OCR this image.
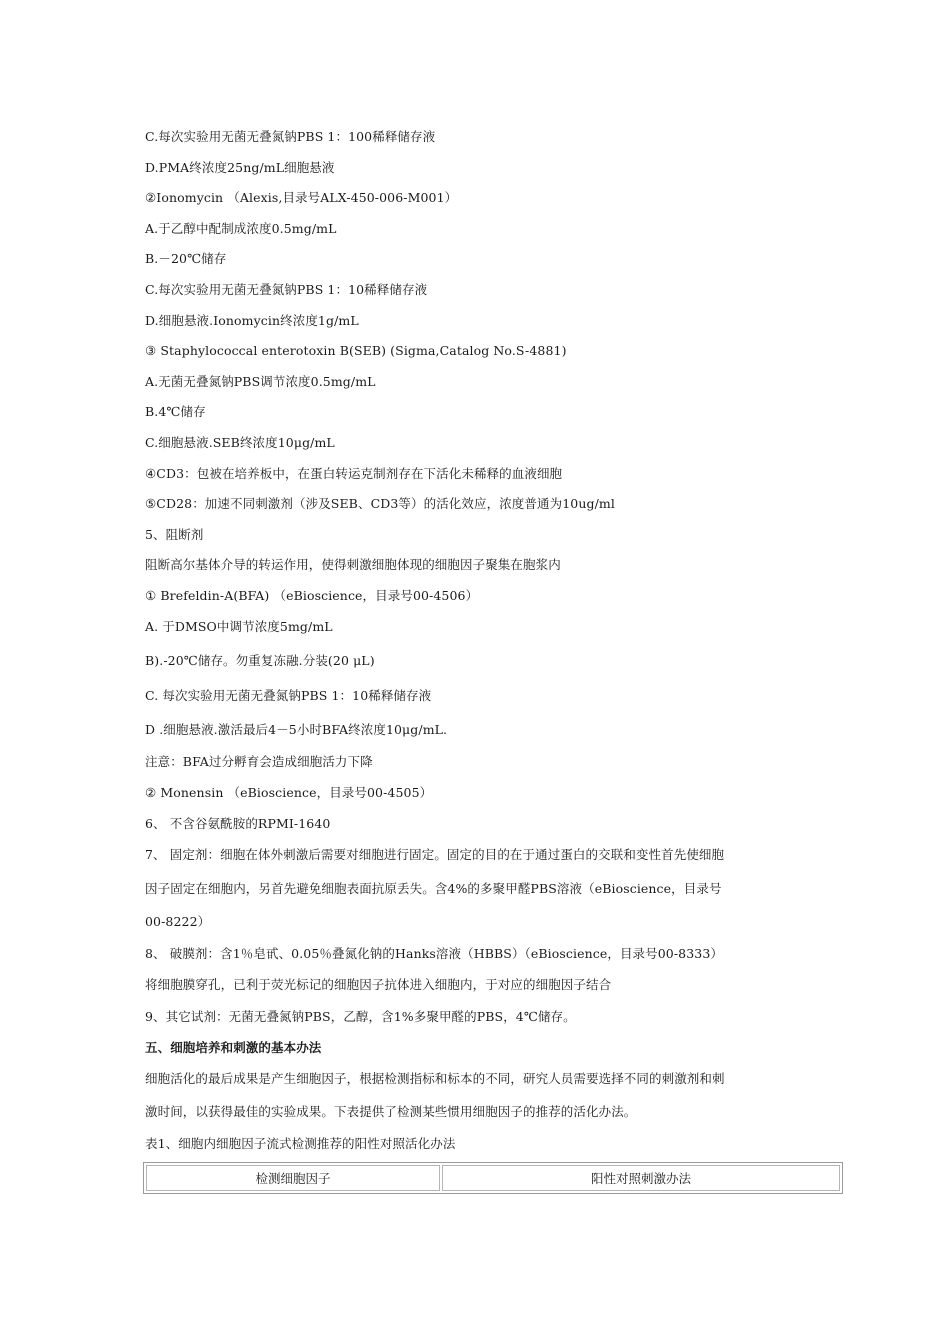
C.每次实验用无菌无叠氮钠PBS 1：100稀释储存液
D.PMA终浓度25ng/mL细胞悬液
②Ionomycin （Alexis,目录号ALX-450-006-M001）
A.于乙醇中配制成浓度0.5mg/mL
B.－20℃储存
C.每次实验用无菌无叠氮钠PBS 1：10稀释储存液
D.细胞悬液.Ionomycin终浓度1g/mL
③ Staphylococcal enterotoxin B(SEB) (Sigma,Catalog No.S-4881)
A.无菌无叠氮钠PBS调节浓度0.5mg/mL
B.4℃储存
C.细胞悬液.SEB终浓度10μg/mL
④CD3：包被在培养板中，在蛋白转运克制剂存在下活化未稀释的血液细胞
⑤CD28：加速不同刺激剂（涉及SEB、CD3等）的活化效应，浓度普通为10ug/ml
5、阻断剂
阻断高尔基体介导的转运作用，使得刺激细胞体现的细胞因子聚集在胞浆内
① Brefeldin-A(BFA) （eBioscience，目录号00-4506）
A. 于DMSO中调节浓度5mg/mL
B).-20℃储存。勿重复冻融.分装(20 μL)
C. 每次实验用无菌无叠氮钠PBS 1：10稀释储存液
D .细胞悬液.激活最后4－5小时BFA终浓度10μg/mL.
注意：BFA过分孵育会造成细胞活力下降
② Monensin （eBioscience，目录号00-4505）
6、 不含谷氨酰胺的RPMI-1640
7、 固定剂：细胞在体外刺激后需要对细胞进行固定。固定的目的在于通过蛋白的交联和变性首先使细胞
因子固定在细胞内，另首先避免细胞表面抗原丢失。含4%的多聚甲醛PBS溶液（eBioscience，目录号
00-8222）
8、 破膜剂：含1％皂甙、0.05％叠氮化钠的Hanks溶液（HBBS）（eBioscience，目录号00-8333）
将细胞膜穿孔，已利于荧光标记的细胞因子抗体进入细胞内，于对应的细胞因子结合
9、其它试剂：无菌无叠氮钠PBS，乙醇，含1%多聚甲醛的PBS，4℃储存。
五、细胞培养和刺激的基本办法
细胞活化的最后成果是产生细胞因子，根据检测指标和标本的不同，研究人员需要选择不同的刺激剂和刺
激时间，以获得最佳的实验成果。下表提供了检测某些惯用细胞因子的推荐的活化办法。
表1、细胞内细胞因子流式检测推荐的阳性对照活化办法
检测细胞因子	阳性对照刺激办法
